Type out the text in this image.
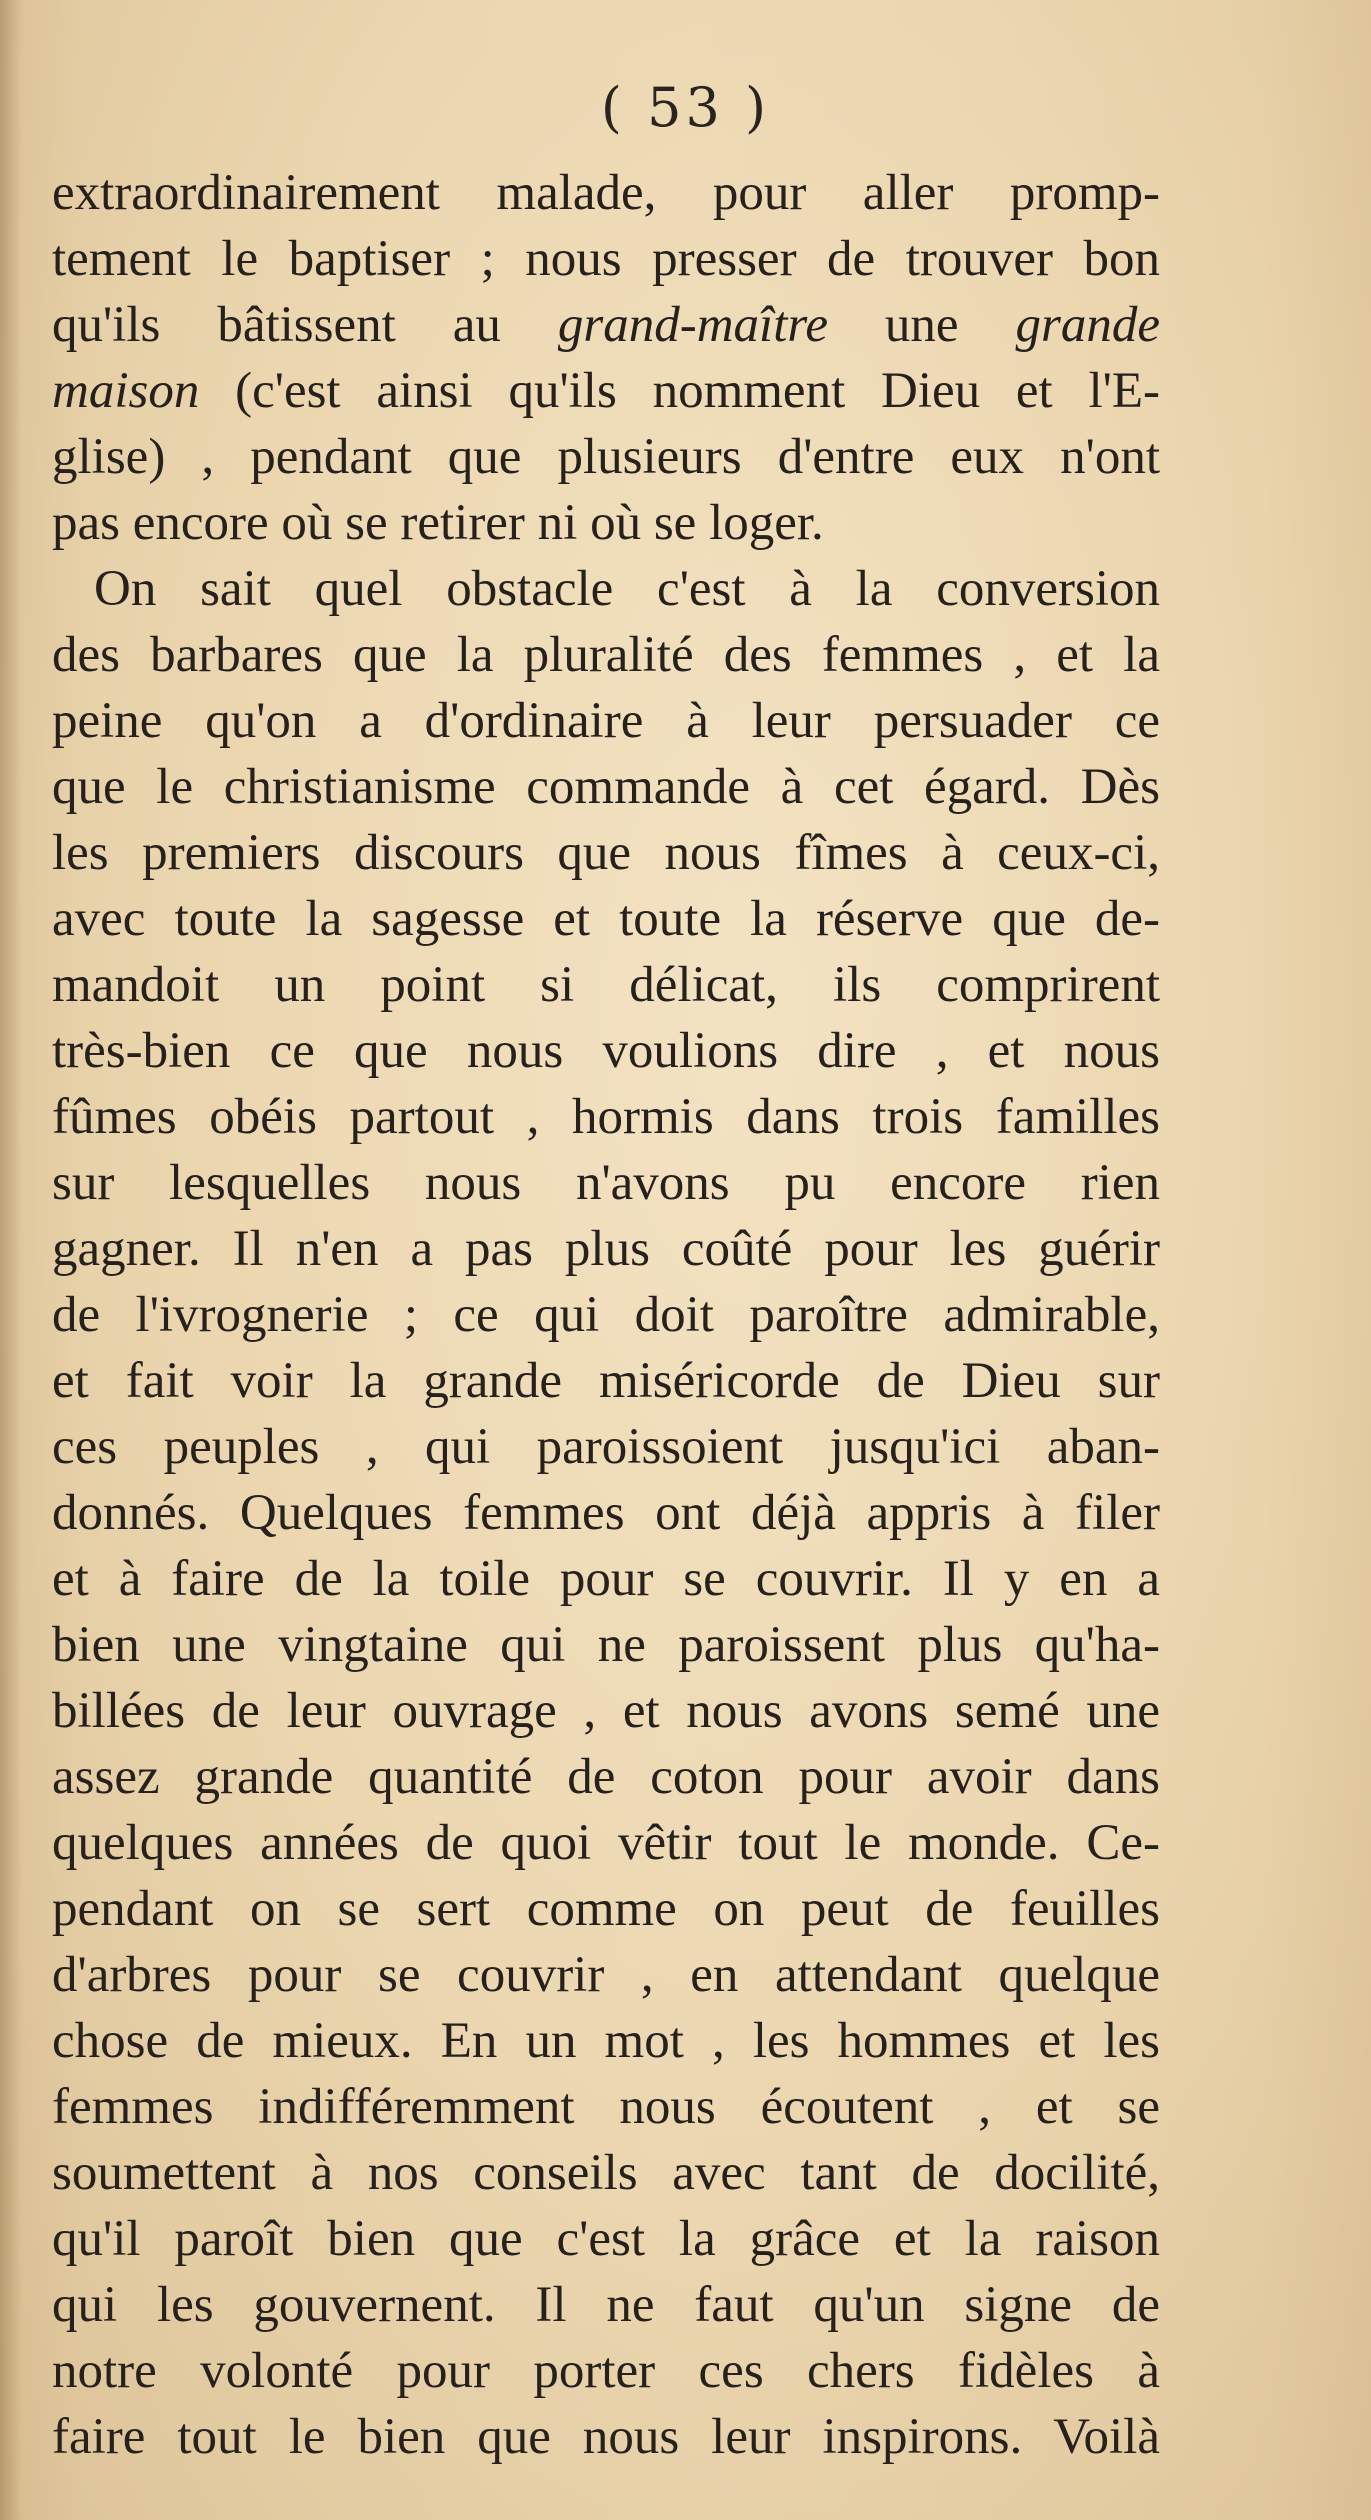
( 53 )
extraordinairement malade, pour aller promp-
tement le baptiser ; nous presser de trouver bon
qu'ils bâtissent au grand-maître une grande
maison (c'est ainsi qu'ils nomment Dieu et l'E-
glise) , pendant que plusieurs d'entre eux n'ont
pas encore où se retirer ni où se loger.
On sait quel obstacle c'est à la conversion
des barbares que la pluralité des femmes , et la
peine qu'on a d'ordinaire à leur persuader ce
que le christianisme commande à cet égard. Dès
les premiers discours que nous fîmes à ceux-ci,
avec toute la sagesse et toute la réserve que de-
mandoit un point si délicat, ils comprirent
très-bien ce que nous voulions dire , et nous
fûmes obéis partout , hormis dans trois familles
sur lesquelles nous n'avons pu encore rien
gagner. Il n'en a pas plus coûté pour les guérir
de l'ivrognerie ; ce qui doit paroître admirable,
et fait voir la grande miséricorde de Dieu sur
ces peuples , qui paroissoient jusqu'ici aban-
donnés. Quelques femmes ont déjà appris à filer
et à faire de la toile pour se couvrir. Il y en a
bien une vingtaine qui ne paroissent plus qu'ha-
billées de leur ouvrage , et nous avons semé une
assez grande quantité de coton pour avoir dans
quelques années de quoi vêtir tout le monde. Ce-
pendant on se sert comme on peut de feuilles
d'arbres pour se couvrir , en attendant quelque
chose de mieux. En un mot , les hommes et les
femmes indifféremment nous écoutent , et se
soumettent à nos conseils avec tant de docilité,
qu'il paroît bien que c'est la grâce et la raison
qui les gouvernent. Il ne faut qu'un signe de
notre volonté pour porter ces chers fidèles à
faire tout le bien que nous leur inspirons. Voilà
